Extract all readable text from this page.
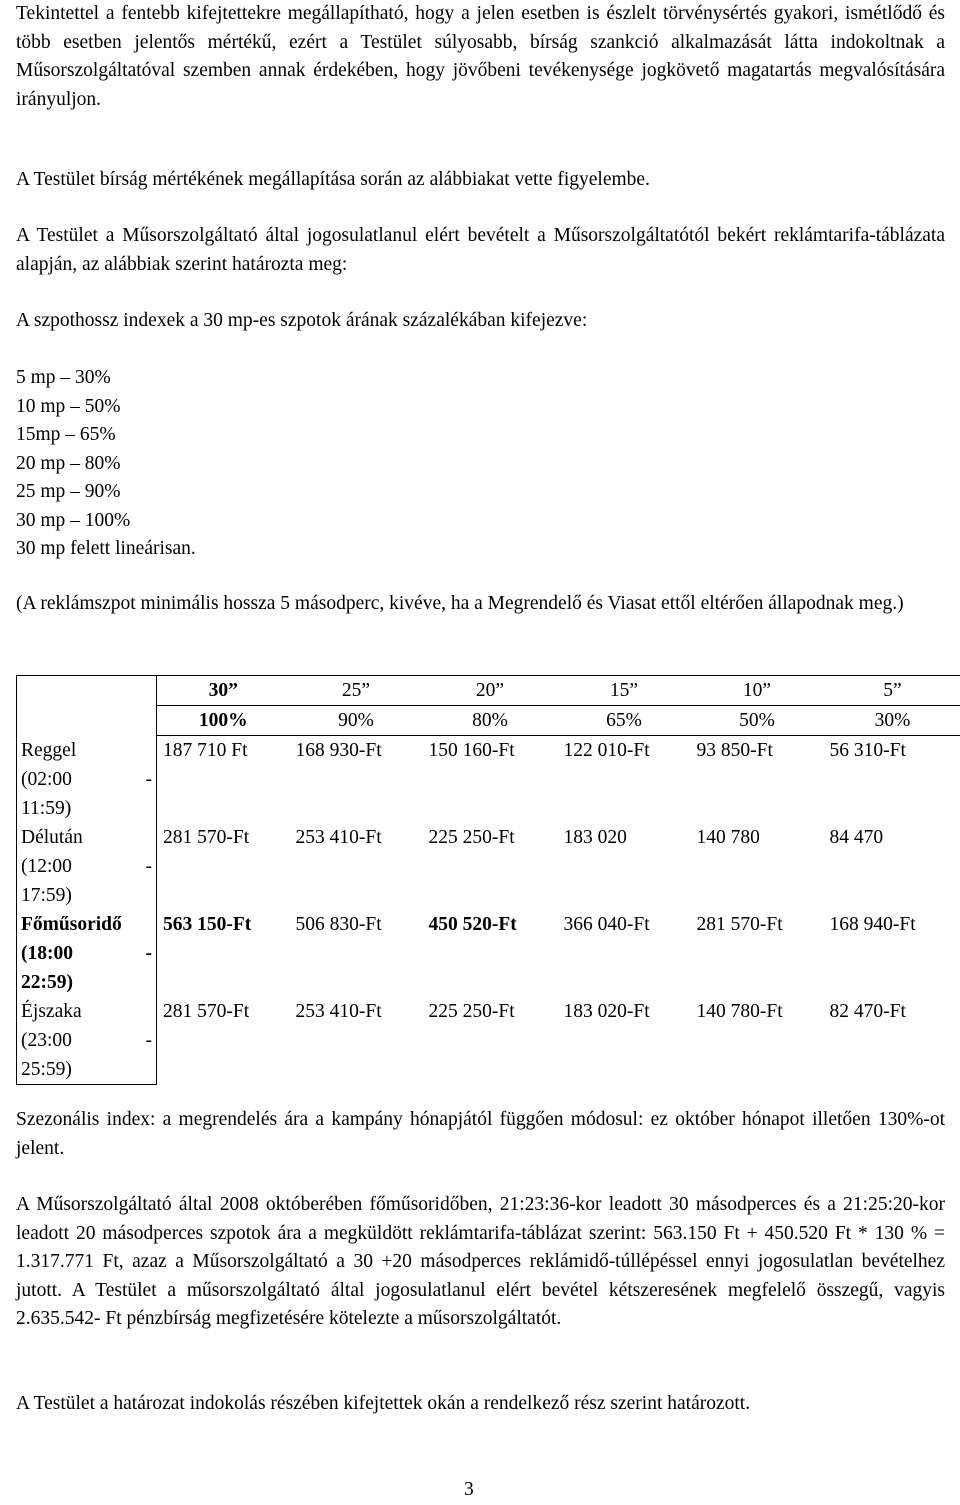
Tekintettel a fentebb kifejtettekre megállapítható, hogy a jelen esetben is észlelt törvénysértés gyakori, ismétlődő és több esetben jelentős mértékű, ezért a Testület súlyosabb, bírság szankció alkalmazását látta indokoltnak a Műsorszolgáltatóval szemben annak érdekében, hogy jövőbeni tevékenysége jogkövető magatartás megvalósítására irányuljon.

A Testület bírság mértékének megállapítása során az alábbiakat vette figyelembe.

A Testület a Műsorszolgáltató által jogosulatlanul elért bevételt a Műsorszolgáltatótól bekért reklámtarifa-táblázata alapján, az alábbiak szerint határozta meg:

A szpothossz indexek a 30 mp-es szpotok árának százalékában kifejezve:

5 mp – 30%
10 mp – 50%
15mp – 65%
20 mp – 80%
25 mp – 90%
30 mp – 100%
30 mp felett lineárisan.

(A reklámszpot minimális hossza 5 másodperc, kivéve, ha a Megrendelő és Viasat ettől eltérően állapodnak meg.)

	30”	25”	20”	15”	10”	5”
	100%	90%	80%	65%	50%	30%

Reggel
(02:00 -
11:59)	187 710 Ft	168 930-Ft	150 160-Ft	122 010-Ft	93 850-Ft	56 310-Ft

Délután
(12:00 -
17:59)	281 570-Ft	253 410-Ft	225 250-Ft	183 020	140 780	84 470

Főműsoridő
(18:00 -
22:59)	563 150-Ft	506 830-Ft	450 520-Ft	366 040-Ft	281 570-Ft	168 940-Ft

Éjszaka
(23:00 -
25:59)	281 570-Ft	253 410-Ft	225 250-Ft	183 020-Ft	140 780-Ft	82 470-Ft

Szezonális index: a megrendelés ára a kampány hónapjától függően módosul: ez október hónapot illetően 130%-ot jelent.

A Műsorszolgáltató által 2008 októberében főműsoridőben, 21:23:36-kor leadott 30 másodperces és a 21:25:20-kor leadott 20 másodperces szpotok ára a megküldött reklámtarifa-táblázat szerint: 563.150 Ft + 450.520 Ft * 130 % = 1.317.771 Ft, azaz a Műsorszolgáltató a 30 +20 másodperces reklámidő-túllépéssel ennyi jogosulatlan bevételhez jutott. A Testület a műsorszolgáltató által jogosulatlanul elért bevétel kétszeresének megfelelő összegű, vagyis 2.635.542- Ft pénzbírság megfizetésére kötelezte a műsorszolgáltatót.

A Testület a határozat indokolás részében kifejtettek okán a rendelkező rész szerint határozott.

3
